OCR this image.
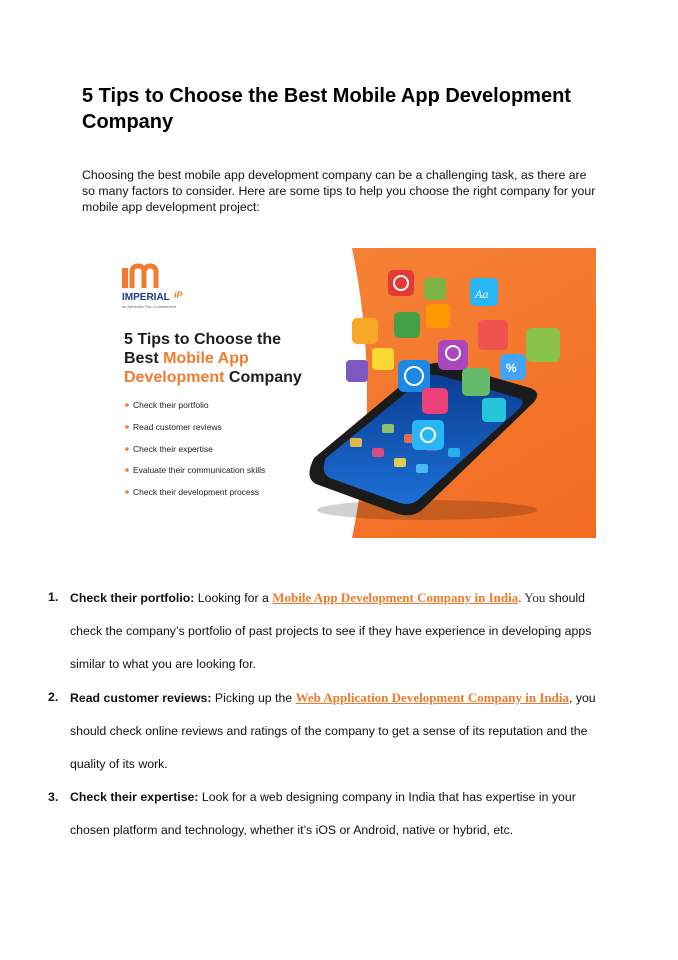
5 Tips to Choose the Best Mobile App Development Company

Choosing the best mobile app development company can be a challenging task, as there are so many factors to consider. Here are some tips to help you choose the right company for your mobile app development project:

IMPERIAL iP
an Advertise Run Commitment
5 Tips to Choose the
Best Mobile App
Development Company
Check their portfolio
Read customer reviews
Check their expertise
Evaluate their communication skills
Check their development process
Aa
%
1. Check their portfolio: Looking for a Mobile App Development Company in India. You should check the company’s portfolio of past projects to see if they have experience in developing apps similar to what you are looking for.
2. Read customer reviews: Picking up the Web Application Development Company in India, you should check online reviews and ratings of the company to get a sense of its reputation and the quality of its work.
3. Check their expertise: Look for a web designing company in India that has expertise in your chosen platform and technology, whether it’s iOS or Android, native or hybrid, etc.
